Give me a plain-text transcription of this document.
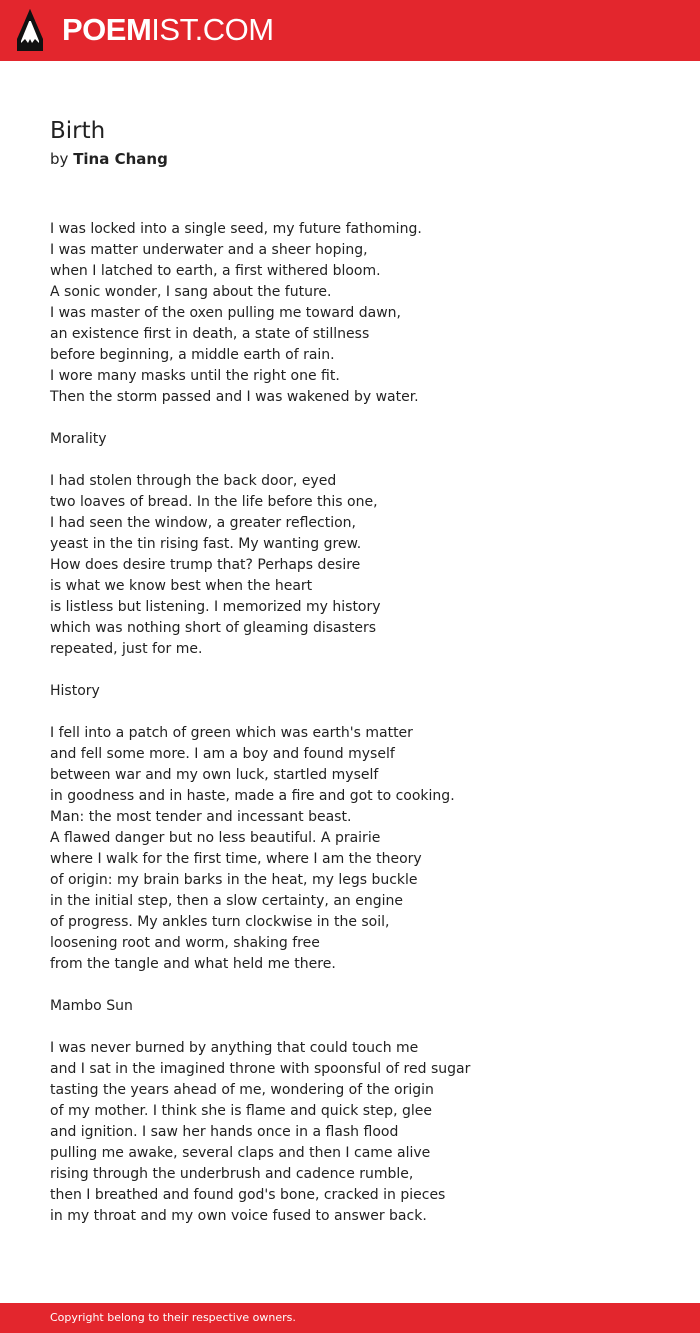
POEMIST.COM
Birth
by Tina Chang
I was locked into a single seed, my future fathoming.
I was matter underwater and a sheer hoping,
when I latched to earth, a first withered bloom.
A sonic wonder, I sang about the future.
I was master of the oxen pulling me toward dawn,
an existence first in death, a state of stillness
before beginning, a middle earth of rain.
I wore many masks until the right one fit.
Then the storm passed and I was wakened by water.
Morality
I had stolen through the back door, eyed
two loaves of bread. In the life before this one,
I had seen the window, a greater reflection,
yeast in the tin rising fast. My wanting grew.
How does desire trump that? Perhaps desire
is what we know best when the heart
is listless but listening. I memorized my history
which was nothing short of gleaming disasters
repeated, just for me.
History
I fell into a patch of green which was earth's matter
and fell some more. I am a boy and found myself
between war and my own luck, startled myself
in goodness and in haste, made a fire and got to cooking.
Man: the most tender and incessant beast.
A flawed danger but no less beautiful. A prairie
where I walk for the first time, where I am the theory
of origin: my brain barks in the heat, my legs buckle
in the initial step, then a slow certainty, an engine
of progress. My ankles turn clockwise in the soil,
loosening root and worm, shaking free
from the tangle and what held me there.
Mambo Sun
I was never burned by anything that could touch me
and I sat in the imagined throne with spoonsful of red sugar
tasting the years ahead of me, wondering of the origin
of my mother. I think she is flame and quick step, glee
and ignition. I saw her hands once in a flash flood
pulling me awake, several claps and then I came alive
rising through the underbrush and cadence rumble,
then I breathed and found god's bone, cracked in pieces
in my throat and my own voice fused to answer back.
Copyright belong to their respective owners.
